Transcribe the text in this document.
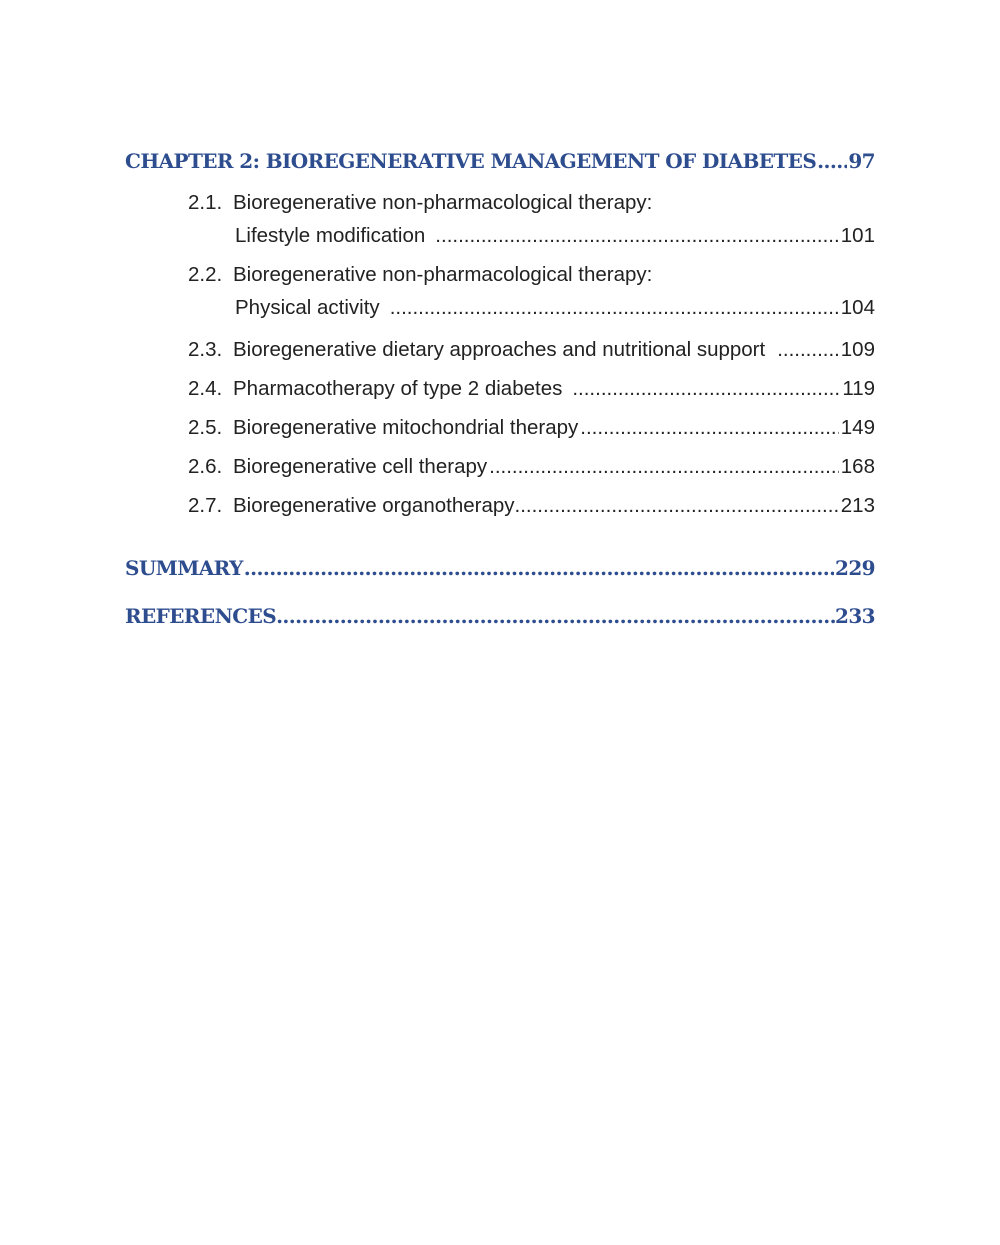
CHAPTER 2: BIOREGENERATIVE MANAGEMENT OF DIABETES ..... 97
2.1. Bioregenerative non-pharmacological therapy:
Lifestyle modification .....	101
2.2. Bioregenerative non-pharmacological therapy:
Physical activity .....	104
2.3. Bioregenerative dietary approaches and nutritional support .....	109
2.4. Pharmacotherapy of type 2 diabetes .....	119
2.5. Bioregenerative mitochondrial therapy .....	149
2.6. Bioregenerative cell therapy .....	168
2.7. Bioregenerative organotherapy .....	213
SUMMARY .....	229
REFERENCES .....	233
